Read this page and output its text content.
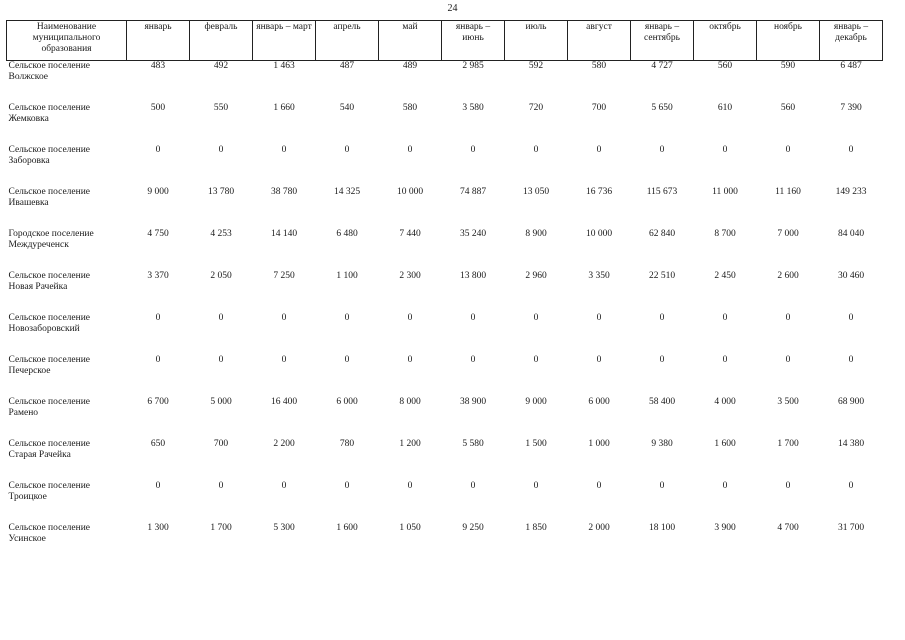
24
Наименование муниципального образования	январь	февраль	январь – март	апрель	май	январь – июнь	июль	август	январь – сентябрь	октябрь	ноябрь	январь – декабрь

Сельское поселение
Волжское	483	492	1 463	487	489	2 985	592	580	4 727	560	590	6 487

Сельское поселение
Жемковка	500	550	1 660	540	580	3 580	720	700	5 650	610	560	7 390

Сельское поселение
Заборовка	0	0	0	0	0	0	0	0	0	0	0	0

Сельское поселение
Ивашевка	9 000	13 780	38 780	14 325	10 000	74 887	13 050	16 736	115 673	11 000	11 160	149 233

Городское поселение
Междуреченск	4 750	4 253	14 140	6 480	7 440	35 240	8 900	10 000	62 840	8 700	7 000	84 040

Сельское поселение
Новая Рачейка	3 370	2 050	7 250	1 100	2 300	13 800	2 960	3 350	22 510	2 450	2 600	30 460

Сельское поселение
Новозаборовский	0	0	0	0	0	0	0	0	0	0	0	0

Сельское поселение
Печерское	0	0	0	0	0	0	0	0	0	0	0	0

Сельское поселение
Рамено	6 700	5 000	16 400	6 000	8 000	38 900	9 000	6 000	58 400	4 000	3 500	68 900

Сельское поселение
Старая Рачейка	650	700	2 200	780	1 200	5 580	1 500	1 000	9 380	1 600	1 700	14 380

Сельское поселение
Троицкое	0	0	0	0	0	0	0	0	0	0	0	0

Сельское поселение
Усинское	1 300	1 700	5 300	1 600	1 050	9 250	1 850	2 000	18 100	3 900	4 700	31 700
